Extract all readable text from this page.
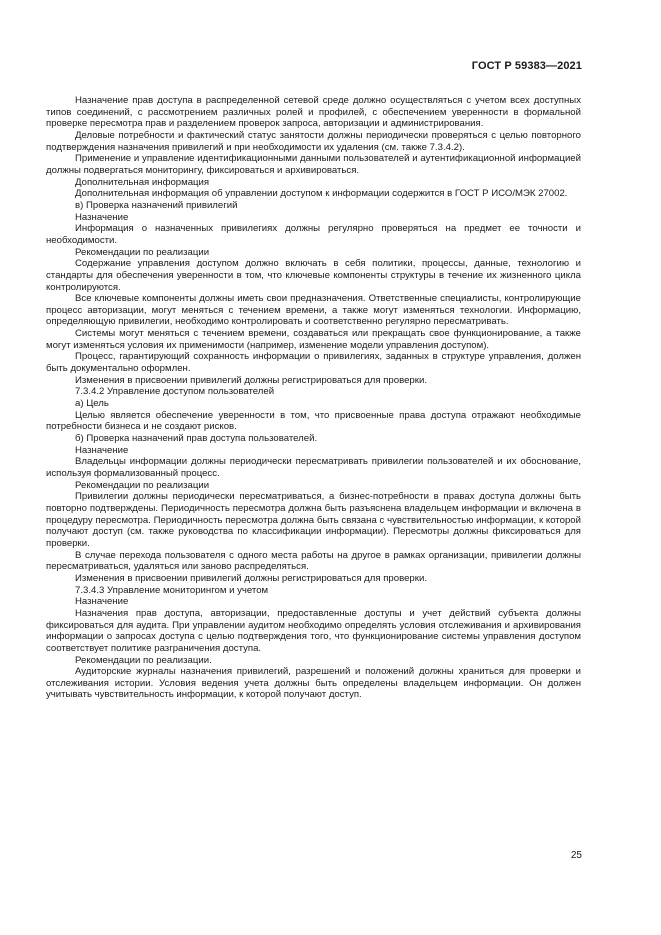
ГОСТ Р 59383—2021

Назначение прав доступа в распределенной сетевой среде должно осуществляться с учетом всех доступных типов соединений, с рассмотрением различных ролей и профилей, с обеспечением уверенности в формальной проверке пересмотра прав и разделением проверок запроса, авторизации и администрирования.

Деловые потребности и фактический статус занятости должны периодически проверяться с целью повторного подтверждения назначения привилегий и при необходимости их удаления (см. также 7.3.4.2).

Применение и управление идентификационными данными пользователей и аутентификационной информацией должны подвергаться мониторингу, фиксироваться и архивироваться.

Дополнительная информация

Дополнительная информация об управлении доступом к информации содержится в ГОСТ Р ИСО/МЭК 27002.

в) Проверка назначений привилегий

Назначение

Информация о назначенных привилегиях должны регулярно проверяться на предмет ее точности и необходимости.

Рекомендации по реализации

Содержание управления доступом должно включать в себя политики, процессы, данные, технологию и стандарты для обеспечения уверенности в том, что ключевые компоненты структуры в течение их жизненного цикла контролируются.

Все ключевые компоненты должны иметь свои предназначения. Ответственные специалисты, контролирующие процесс авторизации, могут меняться с течением времени, а также могут изменяться технологии. Информацию, определяющую привилегии, необходимо контролировать и соответственно регулярно пересматривать.

Системы могут меняться с течением времени, создаваться или прекращать свое функционирование, а также могут изменяться условия их применимости (например, изменение модели управления доступом).

Процесс, гарантирующий сохранность информации о привилегиях, заданных в структуре управления, должен быть документально оформлен.

Изменения в присвоении привилегий должны регистрироваться для проверки.

7.3.4.2 Управление доступом пользователей

а) Цель

Целью является обеспечение уверенности в том, что присвоенные права доступа отражают необходимые потребности бизнеса и не создают рисков.

б) Проверка назначений прав доступа пользователей.

Назначение

Владельцы информации должны периодически пересматривать привилегии пользователей и их обоснование, используя формализованный процесс.

Рекомендации по реализации

Привилегии должны периодически пересматриваться, а бизнес-потребности в правах доступа должны быть повторно подтверждены. Периодичность пересмотра должна быть разъяснена владельцем информации и включена в процедуру пересмотра. Периодичность пересмотра должна быть связана с чувствительностью информации, к которой получают доступ (см. также руководства по классификации информации). Пересмотры должны фиксироваться для проверки.

В случае перехода пользователя с одного места работы на другое в рамках организации, привилегии должны пересматриваться, удаляться или заново распределяться.

Изменения в присвоении привилегий должны регистрироваться для проверки.

7.3.4.3 Управление мониторингом и учетом

Назначение

Назначения прав доступа, авторизации, предоставленные доступы и учет действий субъекта должны фиксироваться для аудита. При управлении аудитом необходимо определять условия отслеживания и архивирования информации о запросах доступа с целью подтверждения того, что функционирование системы управления доступом соответствует политике разграничения доступа.

Рекомендации по реализации.

Аудиторские журналы назначения привилегий, разрешений и положений должны храниться для проверки и отслеживания истории. Условия ведения учета должны быть определены владельцем информации. Он должен учитывать чувствительность информации, к которой получают доступ.

25
